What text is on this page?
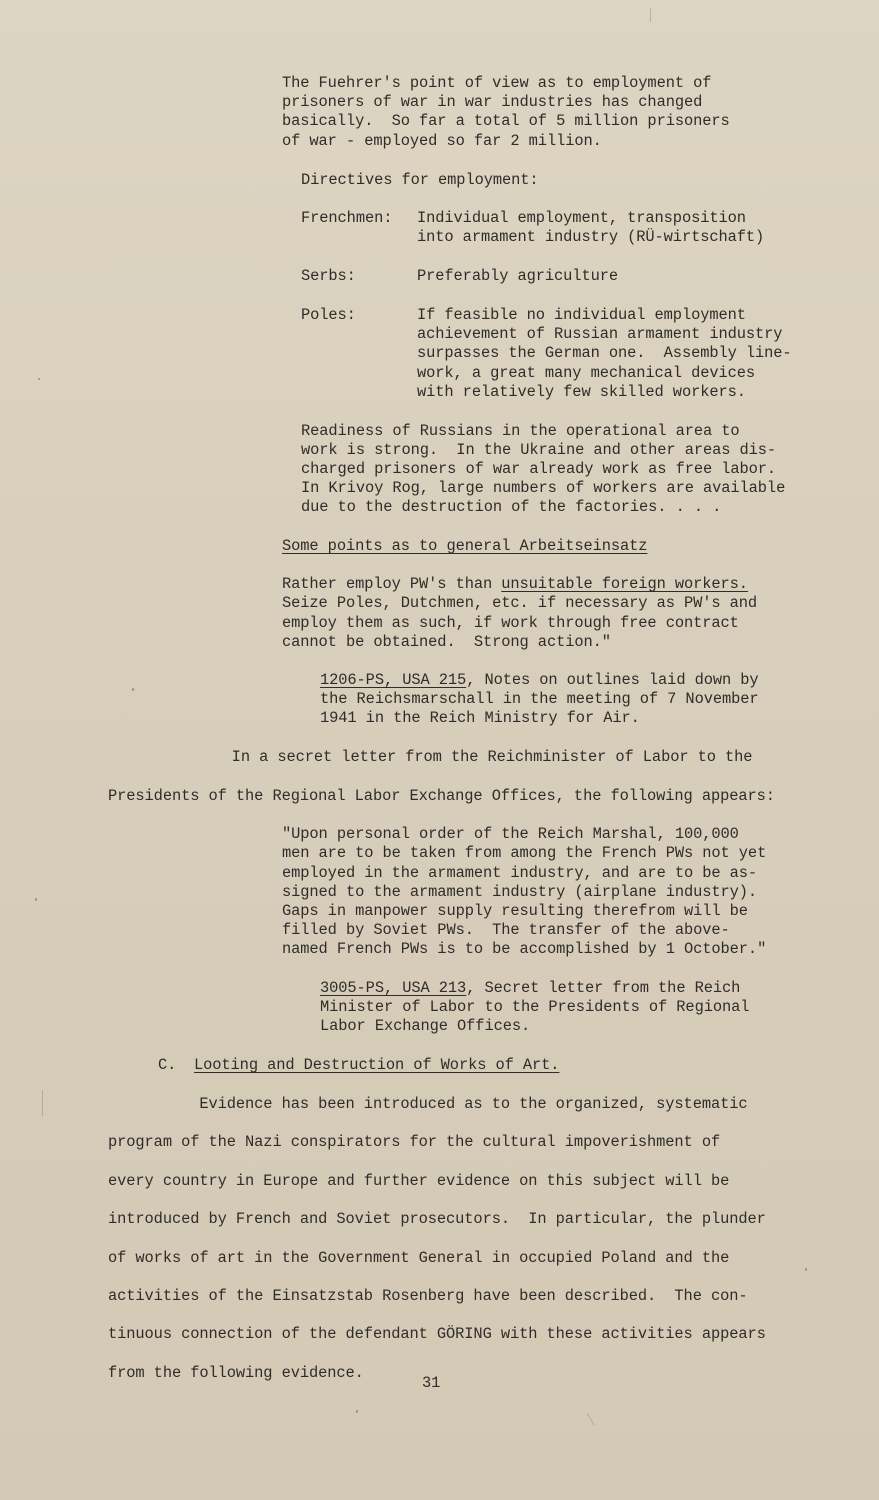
The Fuehrer's point of view as to employment of
prisoners of war in war industries has changed
basically.  So far a total of 5 million prisoners
of war - employed so far 2 million.
Directives for employment:
Frenchmen: Individual employment, transposition
into armament industry (RÜ-wirtschaft)
Serbs:	Preferably agriculture
Poles:	If feasible no individual employment
achievement of Russian armament industry
surpasses the German one.  Assembly line-
work, a great many mechanical devices
with relatively few skilled workers.
Readiness of Russians in the operational area to
work is strong.  In the Ukraine and other areas dis-
charged prisoners of war already work as free labor.
In Krivoy Rog, large numbers of workers are available
due to the destruction of the factories. . . .
Some points as to general Arbeitseinsatz
Rather employ PW's than unsuitable foreign workers.
Seize Poles, Dutchmen, etc. if necessary as PW's and
employ them as such, if work through free contract
cannot be obtained.  Strong action."
1206-PS, USA 215, Notes on outlines laid down by
the Reichsmarschall in the meeting of 7 November
1941 in the Reich Ministry for Air.
In a secret letter from the Reichminister of Labor to the
Presidents of the Regional Labor Exchange Offices, the following appears:
"Upon personal order of the Reich Marshal, 100,000
men are to be taken from among the French PWs not yet
employed in the armament industry, and are to be as-
signed to the armament industry (airplane industry).
Gaps in manpower supply resulting therefrom will be
filled by Soviet PWs.  The transfer of the above-
named French PWs is to be accomplished by 1 October."
3005-PS, USA 213, Secret letter from the Reich
Minister of Labor to the Presidents of Regional
Labor Exchange Offices.
C. Looting and Destruction of Works of Art.
Evidence has been introduced as to the organized, systematic
program of the Nazi conspirators for the cultural impoverishment of
every country in Europe and further evidence on this subject will be
introduced by French and Soviet prosecutors.  In particular, the plunder
of works of art in the Government General in occupied Poland and the
activities of the Einsatzstab Rosenberg have been described.  The con-
tinuous connection of the defendant GÖRING with these activities appears
from the following evidence.
31
